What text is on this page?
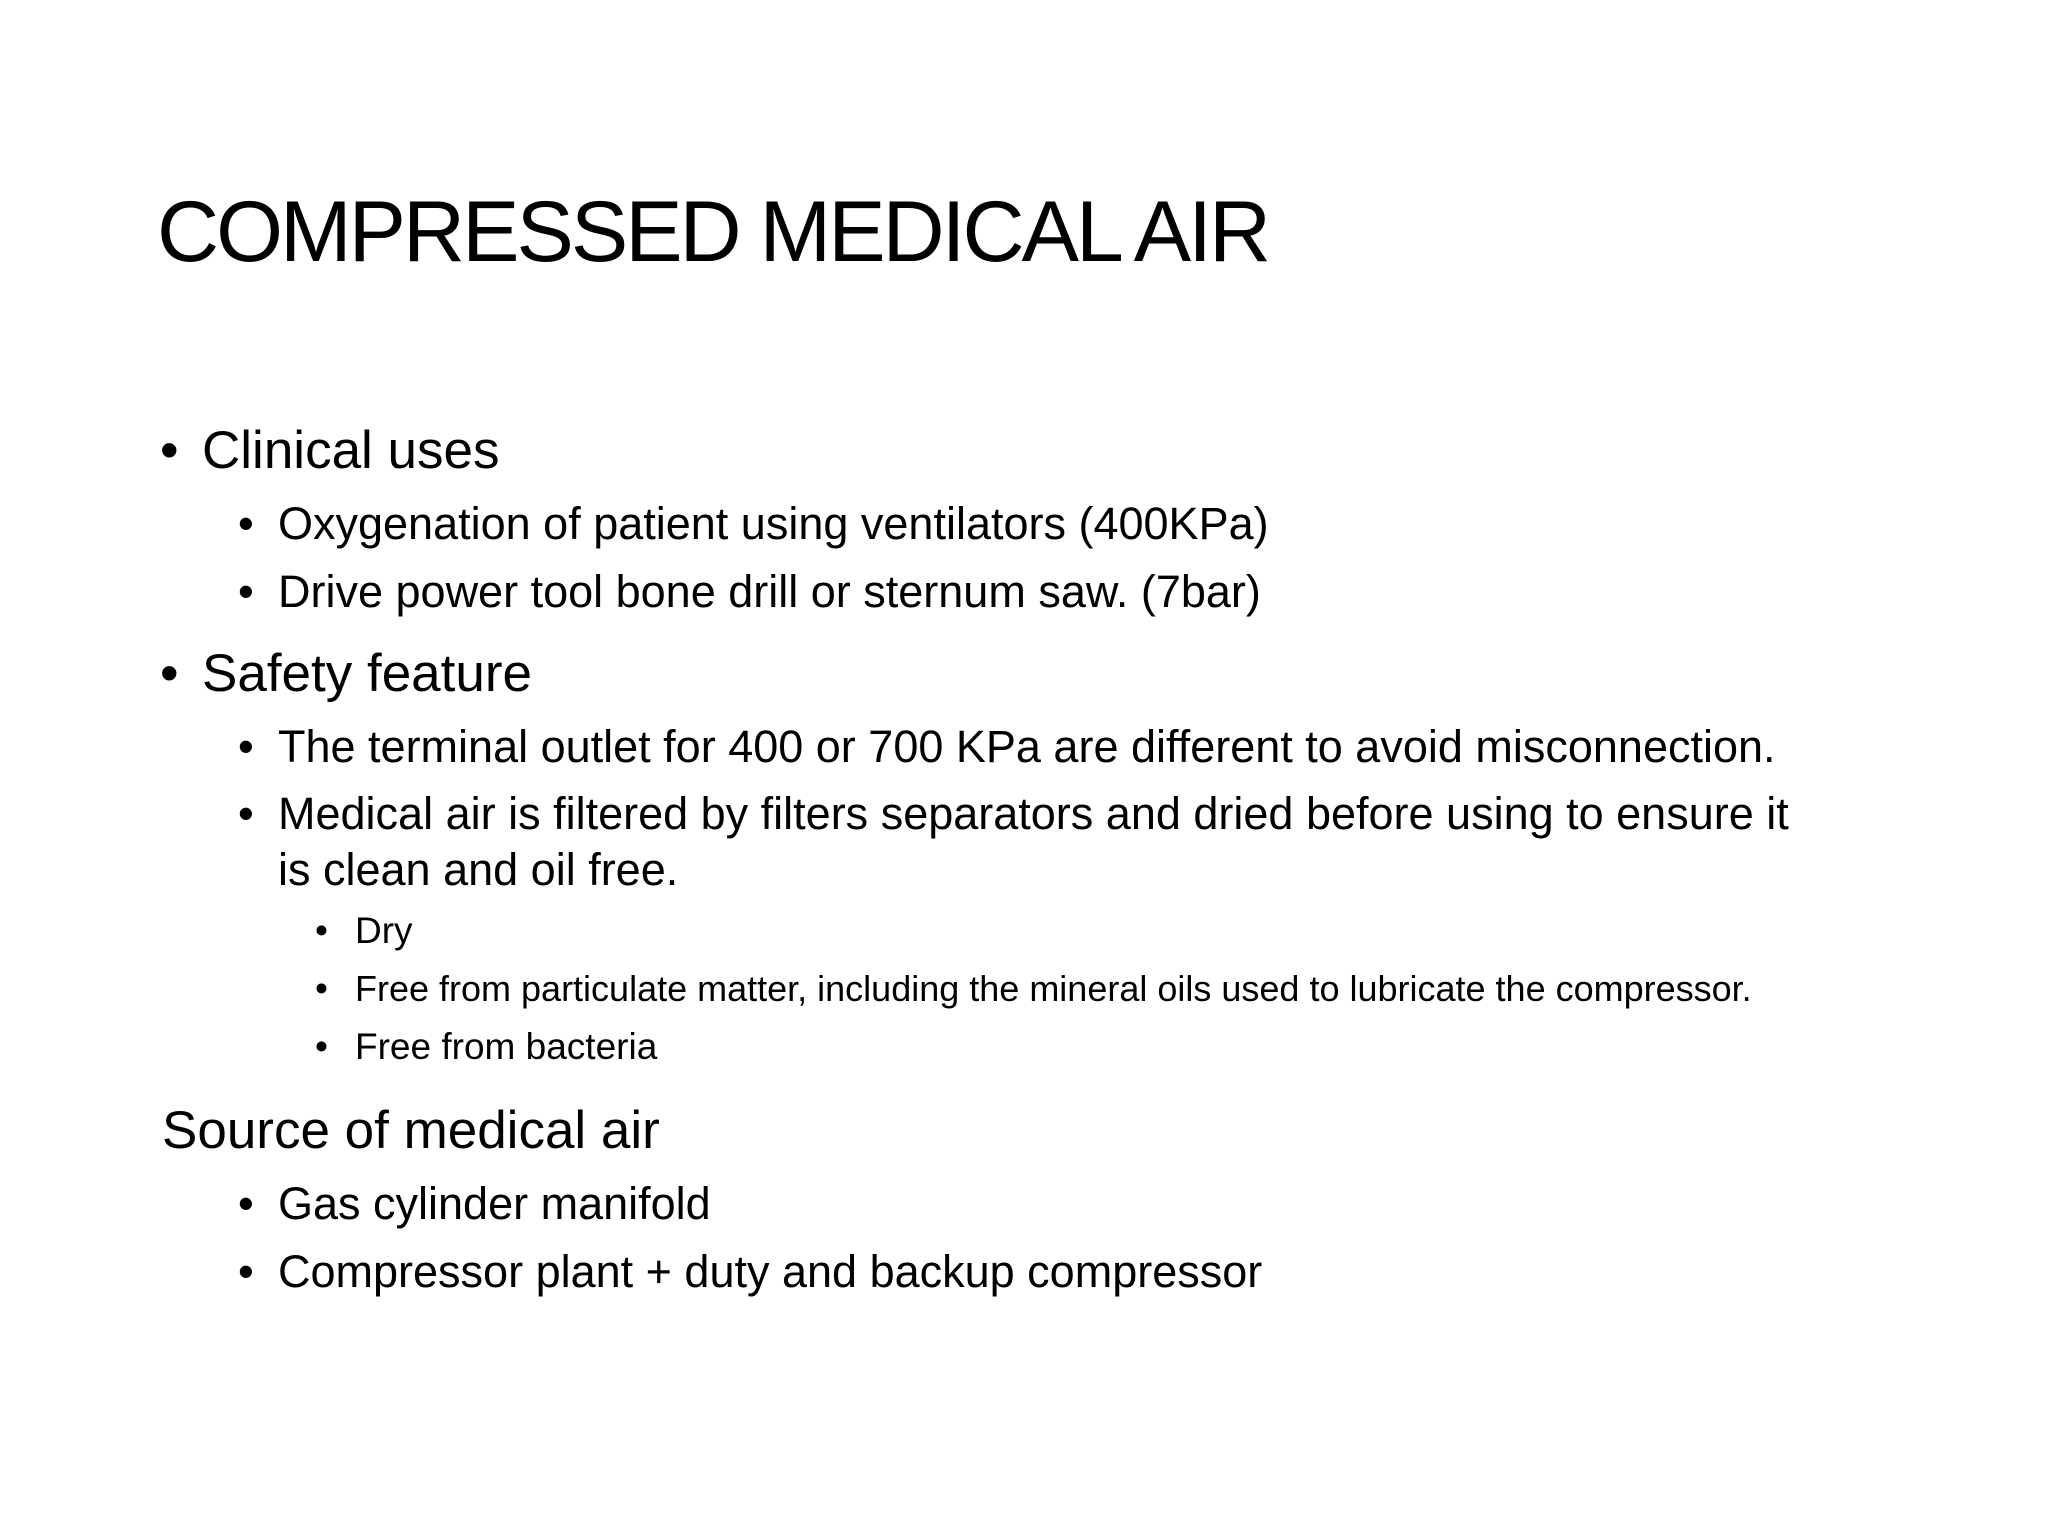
COMPRESSED MEDICAL AIR
• Clinical uses
• Oxygenation of patient using ventilators (400KPa)
• Drive power tool bone drill or sternum saw. (7bar)
• Safety feature
• The terminal outlet for 400 or 700 KPa are different to avoid misconnection.
• Medical air is filtered by filters separators and dried before using to ensure it
is clean and oil free.
• Dry
• Free from particulate matter, including the mineral oils used to lubricate the compressor.
• Free from bacteria
Source of medical air
• Gas cylinder manifold
• Compressor plant + duty and backup compressor
